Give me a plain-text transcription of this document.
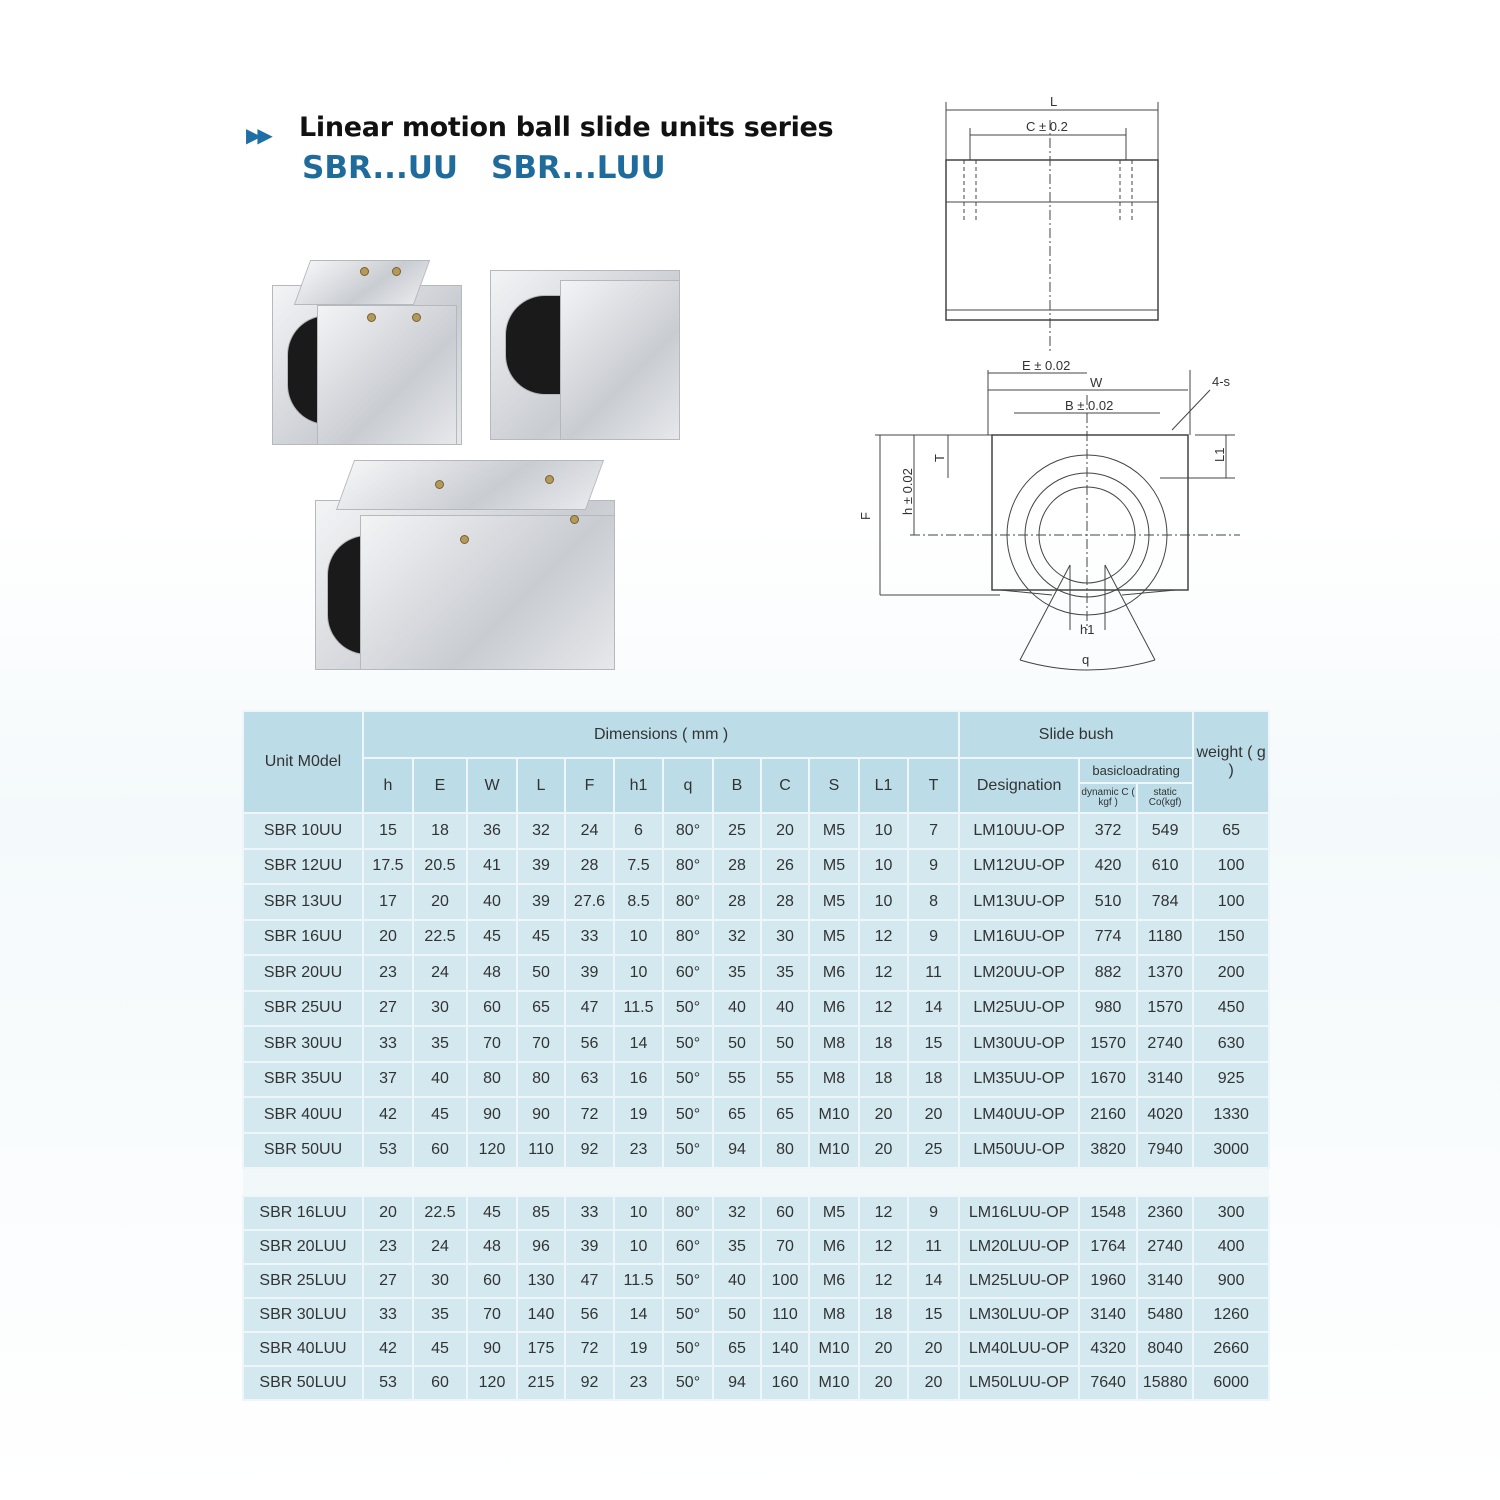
▶▶ Linear motion ball slide units series
SBR...UU SBR...LUU
L
C ± 0.2
E ± 0.02
W
B ± 0.02
4-s
F
h ± 0.02
T	L1
h1
q
Unit M0del	Dimensions ( mm )												Slide bush			weight ( g )
	h	E	W	L	F	h1	q	B	C	S	L1	T	Designation	basicloadrating		
														dynamic C ( kgf )	static Co(kgf)	
SBR 10UU	15	18	36	32	24	6	80°	25	20	M5	10	7	LM10UU-OP	372	549	65
SBR 12UU	17.5	20.5	41	39	28	7.5	80°	28	26	M5	10	9	LM12UU-OP	420	610	100
SBR 13UU	17	20	40	39	27.6	8.5	80°	28	28	M5	10	8	LM13UU-OP	510	784	100
SBR 16UU	20	22.5	45	45	33	10	80°	32	30	M5	12	9	LM16UU-OP	774	1180	150
SBR 20UU	23	24	48	50	39	10	60°	35	35	M6	12	11	LM20UU-OP	882	1370	200
SBR 25UU	27	30	60	65	47	11.5	50°	40	40	M6	12	14	LM25UU-OP	980	1570	450
SBR 30UU	33	35	70	70	56	14	50°	50	50	M8	18	15	LM30UU-OP	1570	2740	630
SBR 35UU	37	40	80	80	63	16	50°	55	55	M8	18	18	LM35UU-OP	1670	3140	925
SBR 40UU	42	45	90	90	72	19	50°	65	65	M10	20	20	LM40UU-OP	2160	4020	1330
SBR 50UU	53	60	120	110	92	23	50°	94	80	M10	20	25	LM50UU-OP	3820	7940	3000

SBR 16LUU	20	22.5	45	85	33	10	80°	32	60	M5	12	9	LM16LUU-OP	1548	2360	300
SBR 20LUU	23	24	48	96	39	10	60°	35	70	M6	12	11	LM20LUU-OP	1764	2740	400
SBR 25LUU	27	30	60	130	47	11.5	50°	40	100	M6	12	14	LM25LUU-OP	1960	3140	900
SBR 30LUU	33	35	70	140	56	14	50°	50	110	M8	18	15	LM30LUU-OP	3140	5480	1260
SBR 40LUU	42	45	90	175	72	19	50°	65	140	M10	20	20	LM40LUU-OP	4320	8040	2660
SBR 50LUU	53	60	120	215	92	23	50°	94	160	M10	20	20	LM50LUU-OP	7640	15880	6000
